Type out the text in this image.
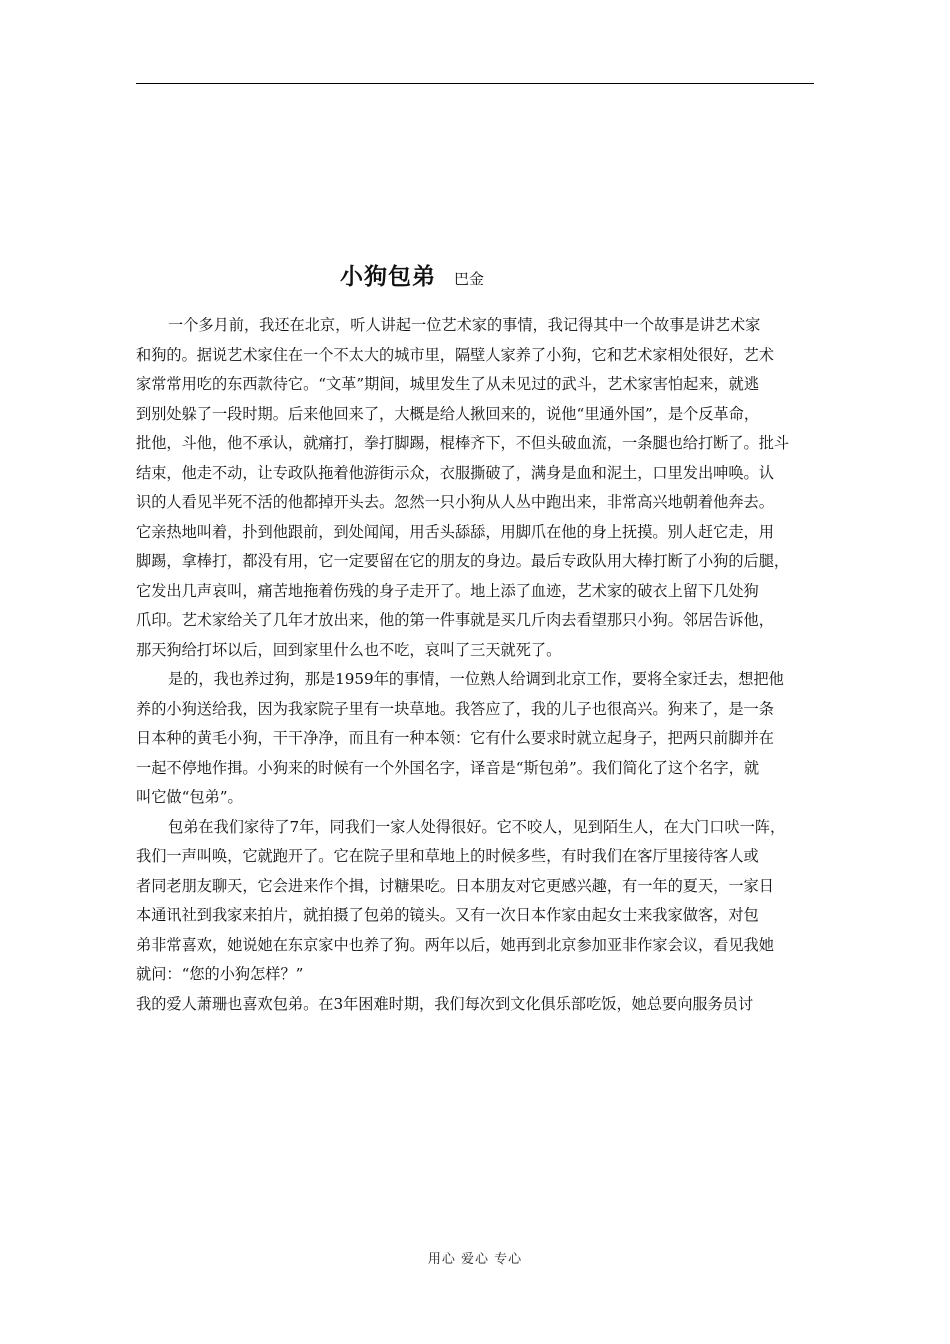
小狗包弟 巴金
一个多月前，我还在北京，听人讲起一位艺术家的事情，我记得其中一个故事是讲艺术家
和狗的。据说艺术家住在一个不太大的城市里，隔壁人家养了小狗，它和艺术家相处很好，艺术
家常常用吃的东西款待它。“文革”期间，城里发生了从未见过的武斗，艺术家害怕起来，就逃
到别处躲了一段时期。后来他回来了，大概是给人揪回来的，说他“里通外国”，是个反革命，
批他，斗他，他不承认，就痛打，拳打脚踢，棍棒齐下，不但头破血流，一条腿也给打断了。批斗
结束，他走不动，让专政队拖着他游街示众，衣服撕破了，满身是血和泥土，口里发出呻唤。认
识的人看见半死不活的他都掉开头去。忽然一只小狗从人丛中跑出来，非常高兴地朝着他奔去。
它亲热地叫着，扑到他跟前，到处闻闻，用舌头舔舔，用脚爪在他的身上抚摸。别人赶它走，用
脚踢，拿棒打，都没有用，它一定要留在它的朋友的身边。最后专政队用大棒打断了小狗的后腿，
它发出几声哀叫，痛苦地拖着伤残的身子走开了。地上添了血迹，艺术家的破衣上留下几处狗
爪印。艺术家给关了几年才放出来，他的第一件事就是买几斤肉去看望那只小狗。邻居告诉他，
那天狗给打坏以后，回到家里什么也不吃，哀叫了三天就死了。
是的，我也养过狗，那是1959年的事情，一位熟人给调到北京工作，要将全家迁去，想把他
养的小狗送给我，因为我家院子里有一块草地。我答应了，我的儿子也很高兴。狗来了，是一条
日本种的黄毛小狗，干干净净，而且有一种本领：它有什么要求时就立起身子，把两只前脚并在
一起不停地作揖。小狗来的时候有一个外国名字，译音是“斯包弟”。我们简化了这个名字，就
叫它做“包弟”。
包弟在我们家待了7年，同我们一家人处得很好。它不咬人，见到陌生人，在大门口吠一阵，
我们一声叫唤，它就跑开了。它在院子里和草地上的时候多些，有时我们在客厅里接待客人或
者同老朋友聊天，它会进来作个揖，讨糖果吃。日本朋友对它更感兴趣，有一年的夏天，一家日
本通讯社到我家来拍片，就拍摄了包弟的镜头。又有一次日本作家由起女士来我家做客，对包
弟非常喜欢，她说她在东京家中也养了狗。两年以后，她再到北京参加亚非作家会议，看见我她
就问：“您的小狗怎样？”
我的爱人萧珊也喜欢包弟。在3年困难时期，我们每次到文化俱乐部吃饭，她总要向服务员讨
用心 爱心 专心
